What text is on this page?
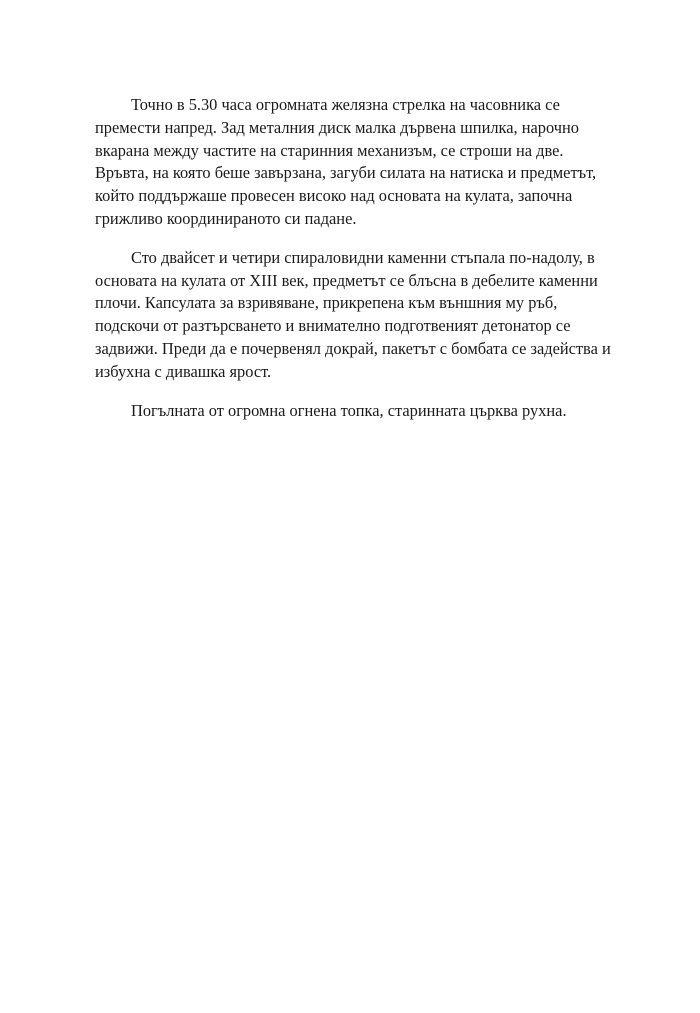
Точно в 5.30 часа огромната желязна стрелка на часовника се
премести напред. Зад металния диск малка дървена шпилка, нарочно
вкарана между частите на старинния механизъм, се строши на две.
Връвта, на която беше завързана, загуби силата на натиска и предметът,
който поддържаше провесен високо над основата на кулата, започна
грижливо координираното си падане.

Сто двайсет и четири спираловидни каменни стъпала по-надолу, в
основата на кулата от XIII век, предметът се блъсна в дебелите каменни
плочи. Капсулата за взривяване, прикрепена към външния му ръб,
подскочи от разтърсването и внимателно подготвеният детонатор се
задвижи. Преди да е почервенял докрай, пакетът с бомбата се задейства и
избухна с дивашка ярост.

Погълната от огромна огнена топка, старинната църква рухна.
